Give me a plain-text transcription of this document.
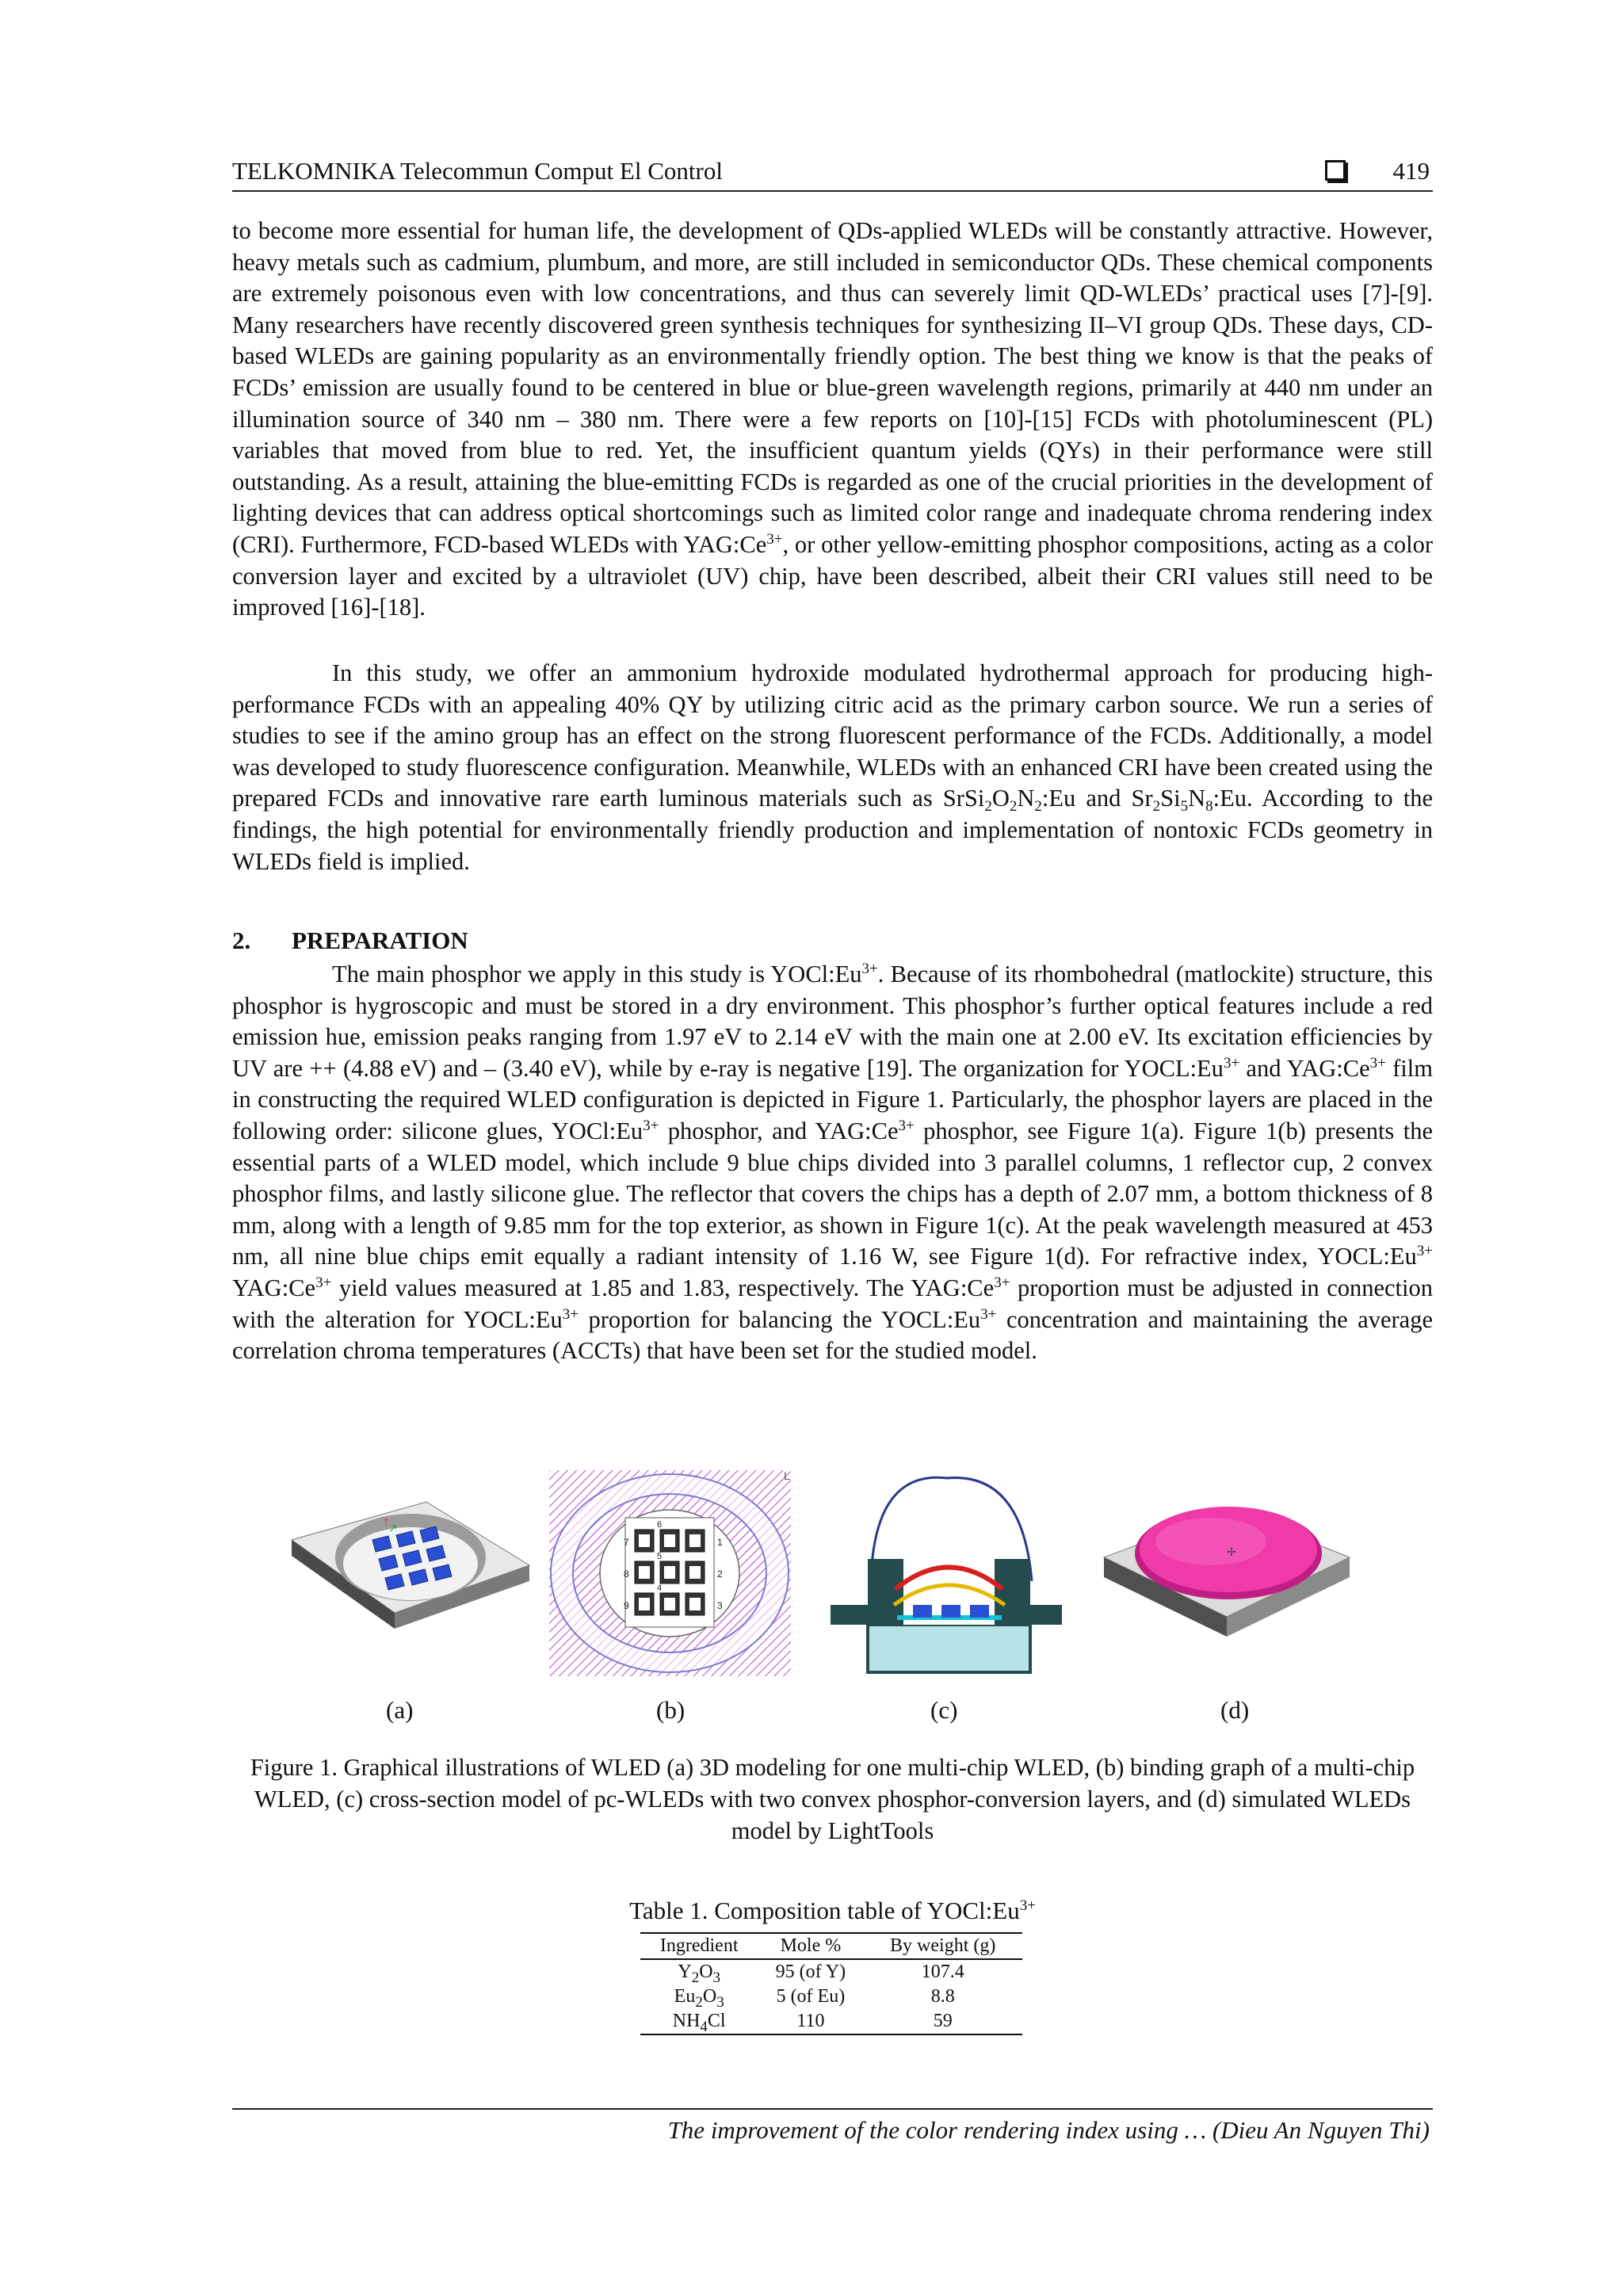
TELKOMNIKA Telecommun Comput El Control	419

to become more essential for human life, the development of QDs-applied WLEDs will be constantly attractive. However, heavy metals such as cadmium, plumbum, and more, are still included in semiconductor QDs. These chemical components are extremely poisonous even with low concentrations, and thus can severely limit QD-WLEDs’ practical uses [7]-[9]. Many researchers have recently discovered green synthesis techniques for synthesizing II–VI group QDs. These days, CD-based WLEDs are gaining popularity as an environmentally friendly option. The best thing we know is that the peaks of FCDs’ emission are usually found to be centered in blue or blue-green wavelength regions, primarily at 440 nm under an illumination source of 340 nm – 380 nm. There were a few reports on [10]-[15] FCDs with photoluminescent (PL) variables that moved from blue to red. Yet, the insufficient quantum yields (QYs) in their performance were still outstanding. As a result, attaining the blue-emitting FCDs is regarded as one of the crucial priorities in the development of lighting devices that can address optical shortcomings such as limited color range and inadequate chroma rendering index (CRI). Furthermore, FCD-based WLEDs with $YAG:Ce^{3+}$, or other yellow-emitting phosphor compositions, acting as a color conversion layer and excited by a ultraviolet (UV) chip, have been described, albeit their CRI values still need to be improved [16]-[18].

In this study, we offer an ammonium hydroxide modulated hydrothermal approach for producing high-performance FCDs with an appealing 40% QY by utilizing citric acid as the primary carbon source. We run a series of studies to see if the amino group has an effect on the strong fluorescent performance of the FCDs. Additionally, a model was developed to study fluorescence configuration. Meanwhile, WLEDs with an enhanced CRI have been created using the prepared FCDs and innovative rare earth luminous materials such as $SrSi_2O_2N_2:Eu$ and $Sr_2Si_5N_8:Eu$. According to the findings, the high potential for environmentally friendly production and implementation of nontoxic FCDs geometry in WLEDs field is implied.

2. PREPARATION

The main phosphor we apply in this study is $YOCl:Eu^{3+}$. Because of its rhombohedral (matlockite) structure, this phosphor is hygroscopic and must be stored in a dry environment. This phosphor’s further optical features include a red emission hue, emission peaks ranging from 1.97 eV to 2.14 eV with the main one at 2.00 eV. Its excitation efficiencies by UV are ++ (4.88 eV) and – (3.40 eV), while by e-ray is negative [19]. The organization for $YOCL:Eu^{3+}$ and $YAG:Ce^{3+}$ film in constructing the required WLED configuration is depicted in Figure 1. Particularly, the phosphor layers are placed in the following order: silicone glues, $YOCl:Eu^{3+}$ phosphor, and $YAG:Ce^{3+}$ phosphor, see Figure 1(a). Figure 1(b) presents the essential parts of a WLED model, which include 9 blue chips divided into 3 parallel columns, 1 reflector cup, 2 convex phosphor films, and lastly silicone glue. The reflector that covers the chips has a depth of 2.07 mm, a bottom thickness of 8 mm, along with a length of 9.85 mm for the top exterior, as shown in Figure 1(c). At the peak wavelength measured at 453 nm, all nine blue chips emit equally a radiant intensity of 1.16 W, see Figure 1(d). For refractive index, $YOCL:Eu^{3+}$ $YAG:Ce^{3+}$ yield values measured at 1.85 and 1.83, respectively. The $YAG:Ce^{3+}$ proportion must be adjusted in connection with the alteration for $YOCL:Eu^{3+}$ proportion for balancing the $YOCL:Eu^{3+}$ concentration and maintaining the average correlation chroma temperatures (ACCTs) that have been set for the studied model.

↑ ↗
7
6
1
8
5
2
9
4
3
L
✢
(a)	(b)	(c)	(d)
Figure 1. Graphical illustrations of WLED (a) 3D modeling for one multi-chip WLED, (b) binding graph of a multi-chip WLED, (c) cross-section model of pc-WLEDs with two convex phosphor-conversion layers, and (d) simulated WLEDs model by LightTools
Table 1. Composition table of $YOCl:Eu^{3+}$
Ingredient	Mole %	By weight (g)
$Y_2O_3$	95 (of Y)	107.4
$Eu_2O_3$	5 (of Eu)	8.8
$NH_4Cl$	110	59
The improvement of the color rendering index using … (Dieu An Nguyen Thi)
